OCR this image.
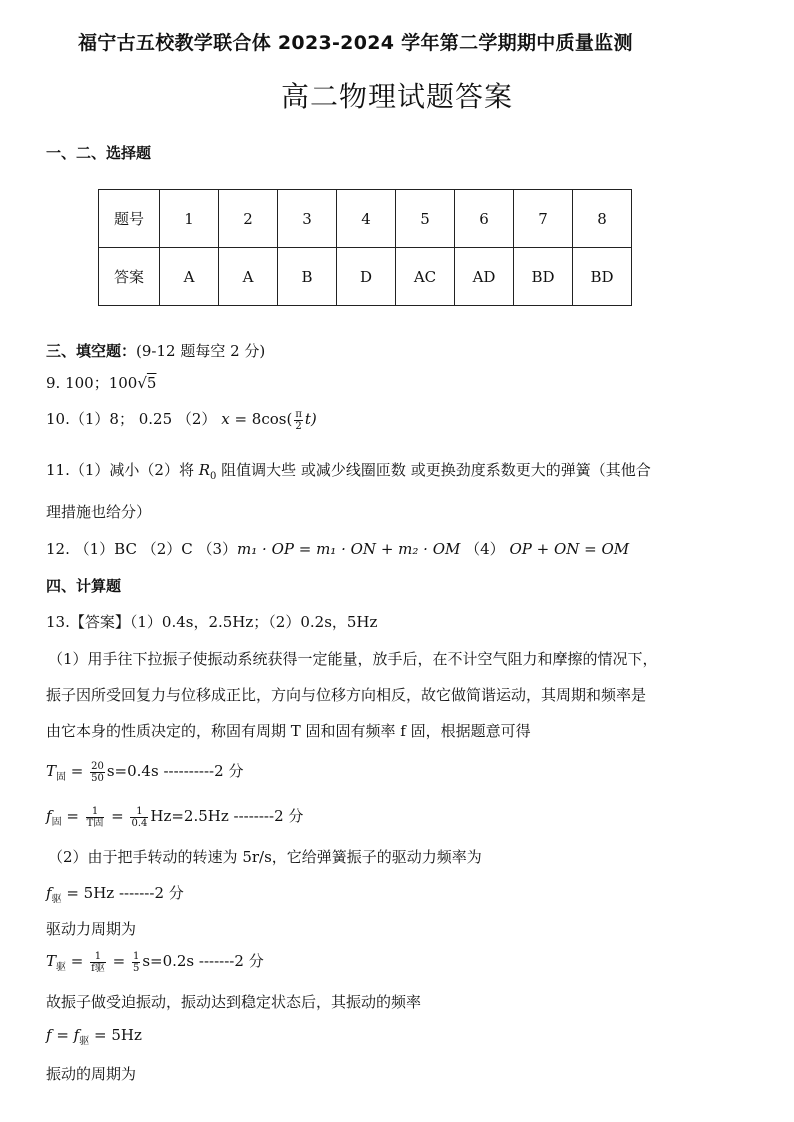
福宁古五校教学联合体 2023-2024 学年第二学期期中质量监测
高二物理试题答案
一、二、选择题
题号	1	2	3	4	5	6	7	8
答案	A	A	B	D	AC	AD	BD	BD
三、填空题：(9-12 题每空 2 分)
9. 100；100√5
10.（1）8； 0.25 （2） $x = 8\cos( \frac{\pi}{2} t)$
11.（1）减小（2）将 $R_0$ 阻值调大些 或减少线圈匝数 或更换劲度系数更大的弹簧（其他合
理措施也给分）
12. （1）BC （2）C （3）m₁ · OP = m₁ · ON + m₂ · OM （4） OP + ON = OM
四、计算题
13.【答案】（1）0.4s，2.5Hz；（2）0.2s，5Hz
（1）用手往下拉振子使振动系统获得一定能量，放手后，在不计空气阻力和摩擦的情况下，
振子因所受回复力与位移成正比，方向与位移方向相反，故它做简谐运动，其周期和频率是
由它本身的性质决定的，称固有周期 T 固和固有频率 f 固，根据题意可得
$T_固 = \frac{20}{50} s=0.4s$ ----------2 分
$f_固 = \frac{1}{\text{T固}} = \frac{1}{0.4} Hz=2.5Hz$ --------2 分
（2）由于把手转动的转速为 5r/s，它给弹簧振子的驱动力频率为
$f_驱 = 5Hz$ -------2 分
驱动力周期为
$T_驱 = \frac{1}{\text{f驱}} = \frac{1}{5} s=0.2s$ -------2 分
故振子做受迫振动，振动达到稳定状态后，其振动的频率
$f = f_驱 = 5Hz$
振动的周期为
